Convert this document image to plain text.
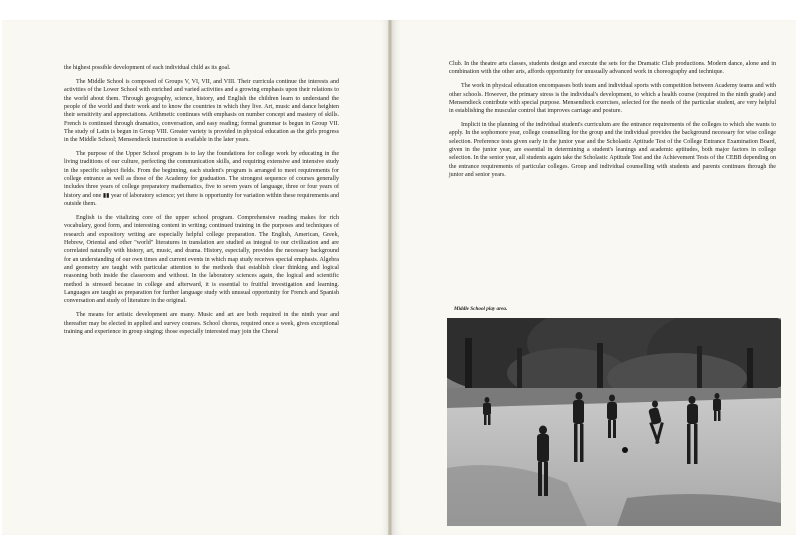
the highest possible development of each individual child as its goal.

The Middle School is composed of Groups V, VI, VII, and VIII. Their curricula continue the interests and activities of the Lower School with enriched and varied activities and a growing emphasis upon their relations to the world about them. Through geography, science, history, and English the children learn to understand the people of the world and their work and to know the countries in which they live. Art, music and dance heighten their sensitivity and appreciations. Arithmetic continues with emphasis on number concept and mastery of skills. French is continued through dramatics, conversation, and easy reading; formal grammar is begun in Group VII. The study of Latin is begun in Group VIII. Greater variety is provided in physical education as the girls progress in the Middle School; Mensendieck instruction is available in the later years.

The purpose of the Upper School program is to lay the foundations for college work by educating in the living traditions of our culture, perfecting the communication skills, and requiring extensive and intensive study in the specific subject fields. From the beginning, each student's program is arranged to meet requirements for college entrance as well as those of the Academy for graduation. The strongest sequence of courses generally includes three years of college preparatory mathematics, five to seven years of language, three or four years of history and one ▮▮ year of laboratory science; yet there is opportunity for variation within these requirements and outside them.

English is the vitalizing core of the upper school program. Comprehensive reading makes for rich vocabulary, good form, and interesting content in writing; continued training in the purposes and techniques of research and expository writing are especially helpful college preparation. The English, American, Greek, Hebrew, Oriental and other "world" literatures in translation are studied as integral to our civilization and are correlated naturally with history, art, music, and drama. History, especially, provides the necessary background for an understanding of our own times and current events in which map study receives special emphasis. Algebra and geometry are taught with particular attention to the methods that establish clear thinking and logical reasoning both inside the classroom and without. In the laboratory sciences again, the logical and scientific method is stressed because in college and afterward, it is essential to fruitful investigation and learning. Languages are taught as preparation for further language study with unusual opportunity for French and Spanish conversation and study of literature in the original.

The means for artistic development are many. Music and art are both required in the ninth year and thereafter may be elected in applied and survey courses. School chorus, required once a week, gives exceptional training and experience in group singing; those especially interested may join the Choral

Club. In the theatre arts classes, students design and execute the sets for the Dramatic Club productions. Modern dance, alone and in combination with the other arts, affords opportunity for unusually advanced work in choreography and technique.

The work in physical education encompasses both team and individual sports with competition between Academy teams and with other schools. However, the primary stress is the individual's development, to which a health course (required in the ninth grade) and Mensendieck contribute with special purpose. Mensendieck exercises, selected for the needs of the particular student, are very helpful in establishing the muscular control that improves carriage and posture.

Implicit in the planning of the individual student's curriculum are the entrance requirements of the colleges to which she wants to apply. In the sophomore year, college counselling for the group and the individual provides the background necessary for wise college selection. Preference tests given early in the junior year and the Scholastic Aptitude Test of the College Entrance Examination Board, given in the junior year, are essential in determining a student's leanings and academic aptitudes, both major factors in college selection. In the senior year, all students again take the Scholastic Aptitude Test and the Achievement Tests of the CEBB depending on the entrance requirements of particular colleges. Group and individual counselling with students and parents continues through the junior and senior years.

Middle School play area.
